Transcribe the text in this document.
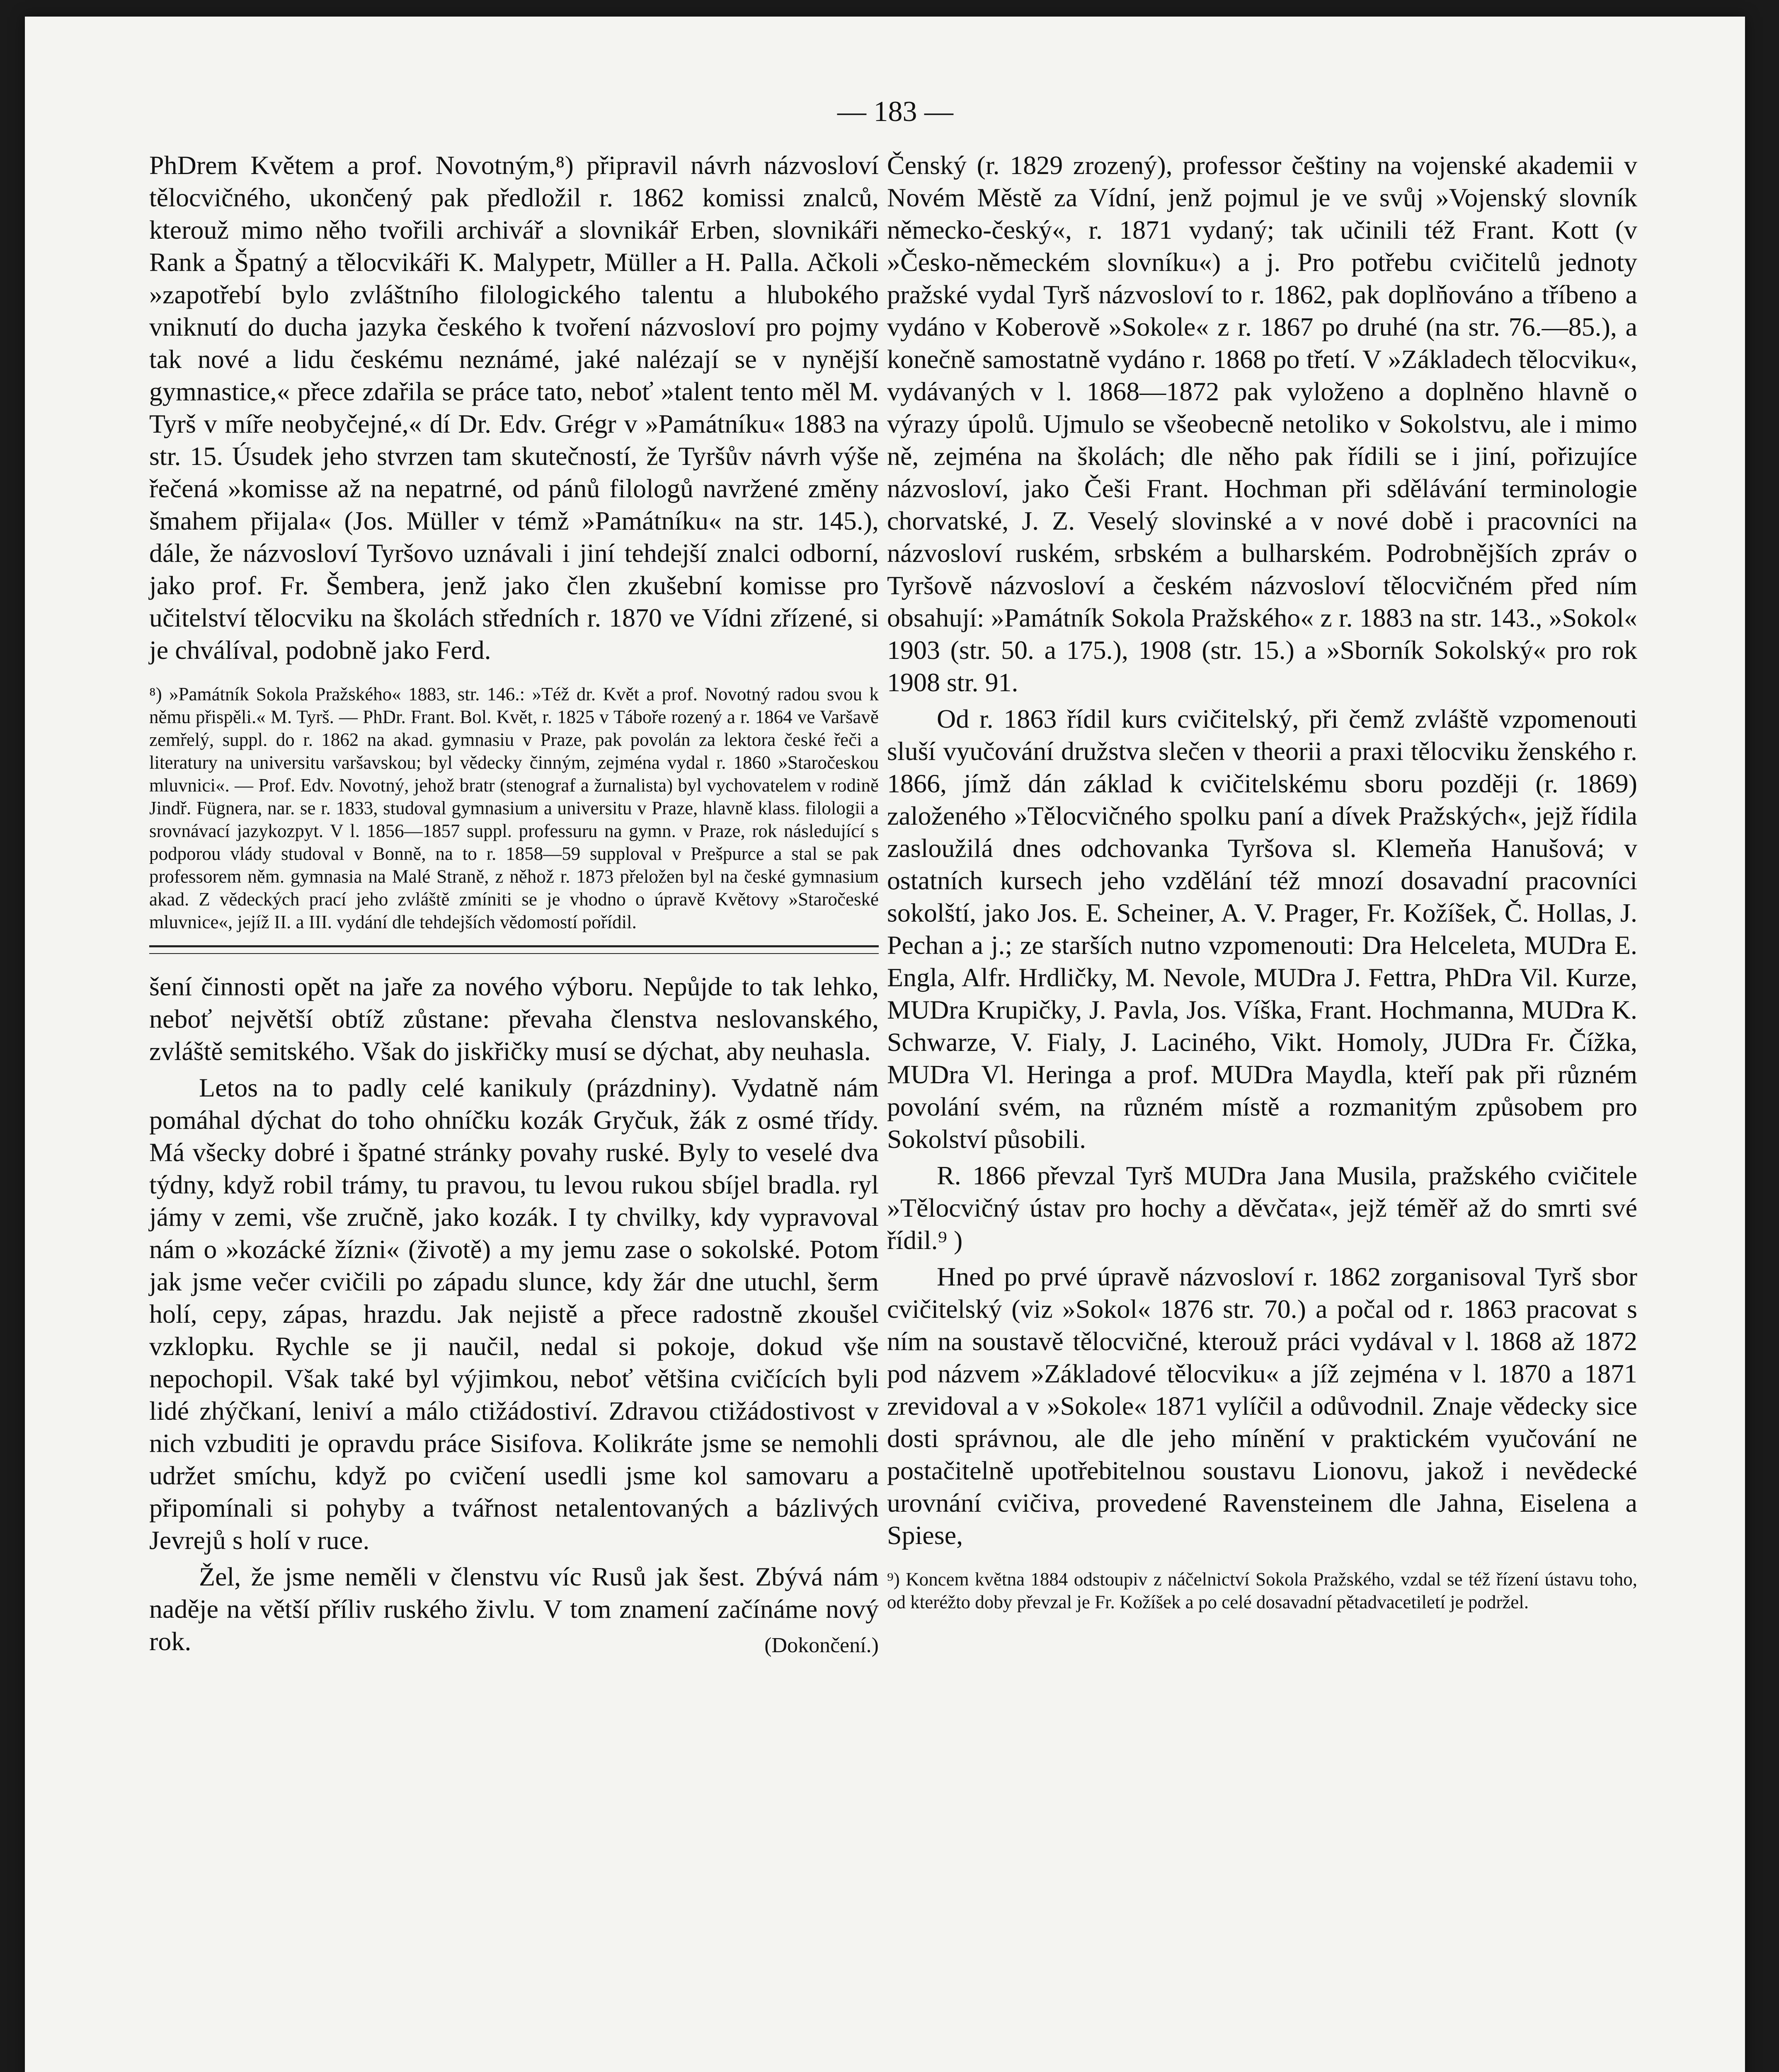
— 183 —

PhDrem Květem a prof. Novotným,⁸) připravil návrh názvosloví tělocvičného, ukončený pak předložil r. 1862 komissi znalců, kterouž mimo něho tvořili archivář a slovnikář Erben, slovnikáři Rank a Špatný a tělocvikáři K. Malypetr, Müller a H. Palla. Ačkoli »zapotřebí bylo zvláštního filologického talentu a hlubokého vniknutí do ducha jazyka českého k tvoření názvosloví pro pojmy tak nové a lidu českému neznámé, jaké nalézají se v nynější gymnastice,« přece zdařila se práce tato, neboť »talent tento měl M. Tyrš v míře neobyčejné,« dí Dr. Edv. Grégr v »Památníku« 1883 na str. 15. Úsudek jeho stvrzen tam skutečností, že Tyršův návrh výše řečená »komisse až na nepatrné, od pánů filologů navržené změny šmahem přijala« (Jos. Müller v témž »Památníku« na str. 145.), dále, že názvosloví Tyršovo uznávali i jiní tehdejší znalci odborní, jako prof. Fr. Šembera, jenž jako člen zkušební komisse pro učitelství tělocviku na školách středních r. 1870 ve Vídni zřízené, si je chválíval, podobně jako Ferd.

⁸) »Památník Sokola Pražského« 1883, str. 146.: »Též dr. Květ a prof. Novotný radou svou k němu přispěli.« M. Tyrš. — PhDr. Frant. Bol. Květ, r. 1825 v Táboře rozený a r. 1864 ve Varšavě zemřelý, suppl. do r. 1862 na akad. gymnasiu v Praze, pak povolán za lektora české řeči a literatury na universitu varšavskou; byl vědecky činným, zejména vydal r. 1860 »Staročeskou mluvnici«. — Prof. Edv. Novotný, jehož bratr (stenograf a žurnalista) byl vychovatelem v rodině Jindř. Fügnera, nar. se r. 1833, studoval gymnasium a universitu v Praze, hlavně klass. filologii a srovnávací jazykozpyt. V l. 1856—1857 suppl. professuru na gymn. v Praze, rok následující s podporou vlády studoval v Bonně, na to r. 1858—59 supploval v Prešpurce a stal se pak professorem něm. gymnasia na Malé Straně, z něhož r. 1873 přeložen byl na české gymnasium akad. Z vědeckých prací jeho zvláště zmíniti se je vhodno o úpravě Květovy »Staročeské mluvnice«, jejíž II. a III. vydání dle tehdejších vědomostí pořídil.

šení činnosti opět na jaře za nového výboru. Nepůjde to tak lehko, neboť největší obtíž zůstane: převaha členstva neslovanského, zvláště semitského. Však do jiskřičky musí se dýchat, aby neuhasla.

Letos na to padly celé kanikuly (prázdniny). Vydatně nám pomáhal dýchat do toho ohníčku kozák Gryčuk, žák z osmé třídy. Má všecky dobré i špatné stránky povahy ruské. Byly to veselé dva týdny, když robil trámy, tu pravou, tu levou rukou sbíjel bradla. ryl jámy v zemi, vše zručně, jako kozák. I ty chvilky, kdy vypravoval nám o »kozácké žízni« (životě) a my jemu zase o sokolské. Potom jak jsme večer cvičili po západu slunce, kdy žár dne utuchl, šerm holí, cepy, zápas, hrazdu. Jak nejistě a přece radostně zkoušel vzklopku. Rychle se ji naučil, nedal si pokoje, dokud vše nepochopil. Však také byl výjimkou, neboť většina cvičících byli lidé zhýčkaní, leniví a málo ctižádostiví. Zdravou ctižádostivost v nich vzbuditi je opravdu práce Sisifova. Kolikráte jsme se nemohli udržet smíchu, když po cvičení usedli jsme kol samovaru a připomínali si pohyby a tvářnost netalentovaných a bázlivých Jevrejů s holí v ruce.

Žel, že jsme neměli v členstvu víc Rusů jak šest. Zbývá nám naděje na větší příliv ruského živlu. V tom znamení začínáme nový rok.	(Dokončení.)

Čenský (r. 1829 zrozený), professor češtiny na vojenské akademii v Novém Městě za Vídní, jenž pojmul je ve svůj »Vojenský slovník německo-český«, r. 1871 vydaný; tak učinili též Frant. Kott (v »Česko-německém slovníku«) a j. Pro potřebu cvičitelů jednoty pražské vydal Tyrš názvosloví to r. 1862, pak doplňováno a tříbeno a vydáno v Koberově »Sokole« z r. 1867 po druhé (na str. 76.—85.), a konečně samostatně vydáno r. 1868 po třetí. V »Základech tělocviku«, vydávaných v l. 1868—1872 pak vyloženo a doplněno hlavně o výrazy úpolů. Ujmulo se všeobecně netoliko v Sokolstvu, ale i mimo ně, zejména na školách; dle něho pak řídili se i jiní, pořizujíce názvosloví, jako Češi Frant. Hochman při sdělávání terminologie chorvatské, J. Z. Veselý slovinské a v nové době i pracovníci na názvosloví ruském, srbském a bulharském. Podrobnějších zpráv o Tyršově názvosloví a českém názvosloví tělocvičném před ním obsahují: »Památník Sokola Pražského« z r. 1883 na str. 143., »Sokol« 1903 (str. 50. a 175.), 1908 (str. 15.) a »Sborník Sokolský« pro rok 1908 str. 91.

Od r. 1863 řídil kurs cvičitelský, při čemž zvláště vzpomenouti sluší vyučování družstva slečen v theorii a praxi tělocviku ženského r. 1866, jímž dán základ k cvičitelskému sboru později (r. 1869) založeného »Tělocvičného spolku paní a dívek Pražských«, jejž řídila zasloužilá dnes odchovanka Tyršova sl. Klemeňa Hanušová; v ostatních kursech jeho vzdělání též mnozí dosavadní pracovníci sokolští, jako Jos. E. Scheiner, A. V. Prager, Fr. Kožíšek, Č. Hollas, J. Pechan a j.; ze starších nutno vzpomenouti: Dra Helceleta, MUDra E. Engla, Alfr. Hrdličky, M. Nevole, MUDra J. Fettra, PhDra Vil. Kurze, MUDra Krupičky, J. Pavla, Jos. Víška, Frant. Hochmanna, MUDra K. Schwarze, V. Fialy, J. Laciného, Vikt. Homoly, JUDra Fr. Čížka, MUDra Vl. Heringa a prof. MUDra Maydla, kteří pak při různém povolání svém, na různém místě a rozmanitým způsobem pro Sokolství působili.

R. 1866 převzal Tyrš MUDra Jana Musila, pražského cvičitele »Tělocvičný ústav pro hochy a děvčata«, jejž téměř až do smrti své řídil.⁹ )

Hned po prvé úpravě názvosloví r. 1862 zorganisoval Tyrš sbor cvičitelský (viz »Sokol« 1876 str. 70.) a počal od r. 1863 pracovat s ním na soustavě tělocvičné, kterouž práci vydával v l. 1868 až 1872 pod názvem »Základové tělocviku« a jíž zejména v l. 1870 a 1871 zrevidoval a v »Sokole« 1871 vylíčil a odůvodnil. Znaje vědecky sice dosti správnou, ale dle jeho mínění v praktickém vyučování ne postačitelně upotřebitelnou soustavu Lionovu, jakož i nevědecké urovnání cvičiva, provedené Ravensteinem dle Jahna, Eiselena a Spiese,

⁹) Koncem května 1884 odstoupiv z náčelnictví Sokola Pražského, vzdal se též řízení ústavu toho, od kteréžto doby převzal je Fr. Kožíšek a po celé dosavadní pětadvacetiletí je podržel.
